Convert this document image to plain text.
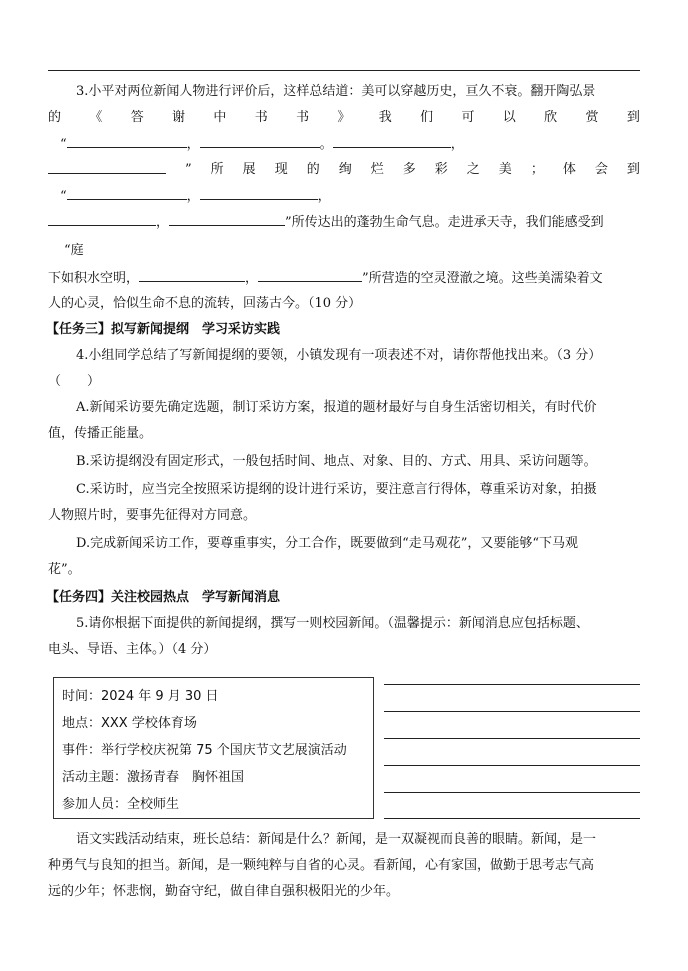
3.小平对两位新闻人物进行评价后，这样总结道：美可以穿越历史，亘久不衰。翻开陶弘景
的 《 答 谢 中 书 书 》 我 们 可 以 欣 赏 到
“	，	。	，
” 所 展 现 的 绚 烂 多 彩 之 美 ； 体 会 到
“	，	，
，	”所传达出的蓬勃生命气息。走进承天寺，我们能感受到
“庭
下如积水空明，	，	”所营造的空灵澄澈之境。这些美濡染着文
人的心灵，恰似生命不息的流转，回荡古今。（10 分）
【任务三】拟写新闻提纲　学习采访实践
4.小组同学总结了写新闻提纲的要领，小镇发现有一项表述不对，请你帮他找出来。（3 分）
（　　）
A.新闻采访要先确定选题，制订采访方案，报道的题材最好与自身生活密切相关，有时代价
值，传播正能量。
B.采访提纲没有固定形式，一般包括时间、地点、对象、目的、方式、用具、采访问题等。
C.采访时，应当完全按照采访提纲的设计进行采访，要注意言行得体，尊重采访对象，拍摄
人物照片时，要事先征得对方同意。
D.完成新闻采访工作，要尊重事实，分工合作，既要做到“走马观花”，又要能够“下马观
花”。
【任务四】关注校园热点　学写新闻消息
5.请你根据下面提供的新闻提纲，撰写一则校园新闻。（温馨提示：新闻消息应包括标题、
电头、导语、主体。）（4 分）
时间：2024 年 9 月 30 日
地点：XXX 学校体育场
事件：举行学校庆祝第 75 个国庆节文艺展演活动
活动主题：激扬青春　胸怀祖国
参加人员：全校师生
语文实践活动结束，班长总结：新闻是什么？新闻，是一双凝视而良善的眼睛。新闻，是一
种勇气与良知的担当。新闻，是一颗纯粹与自省的心灵。看新闻，心有家国，做勤于思考志气高
远的少年；怀悲悯，勤奋守纪，做自律自强积极阳光的少年。
